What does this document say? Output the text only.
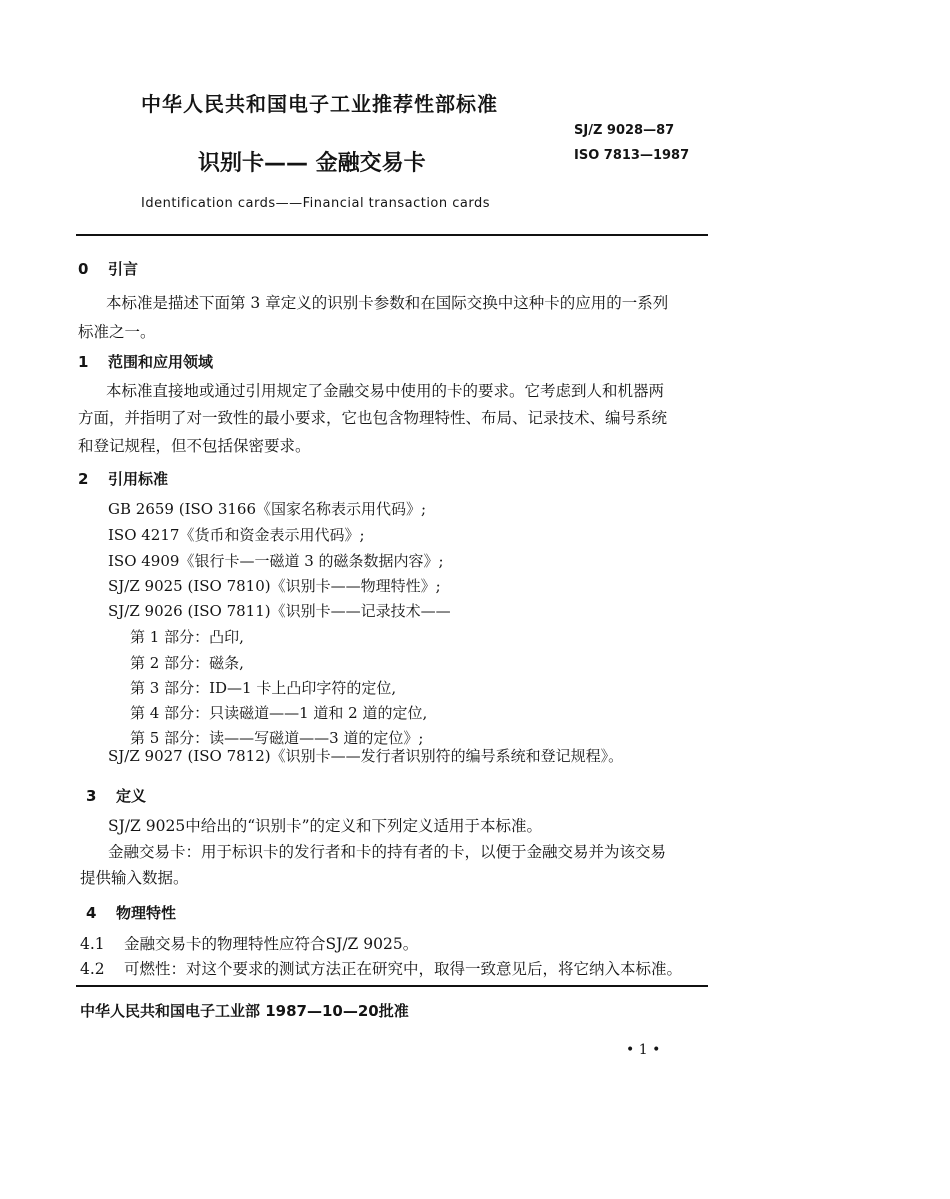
中华人民共和国电子工业推荐性部标准
识别卡—— 金融交易卡
SJ/Z 9028—87
ISO 7813—1987
Identification cards——Financial transaction cards
0 引言
本标准是描述下面第 3 章定义的识别卡参数和在国际交换中这种卡的应用的一系列
标准之一。
1 范围和应用领域
本标准直接地或通过引用规定了金融交易中使用的卡的要求。它考虑到人和机器两
方面，并指明了对一致性的最小要求，它也包含物理特性、布局、记录技术、编号系统
和登记规程，但不包括保密要求。
2 引用标准
GB 2659 (ISO 3166《国家名称表示用代码》;
ISO 4217《货币和资金表示用代码》;
ISO 4909《银行卡—一磁道 3 的磁条数据内容》;
SJ/Z 9025 (ISO 7810)《识别卡——物理特性》;
SJ/Z 9026 (ISO 7811)《识别卡——记录技术——
第 1 部分：凸印,
第 2 部分：磁条,
第 3 部分：ID—1 卡上凸印字符的定位,
第 4 部分：只读磁道——1 道和 2 道的定位,
第 5 部分：读——写磁道——3 道的定位》;
SJ/Z 9027 (ISO 7812)《识别卡——发行者识别符的编号系统和登记规程》。
3 定义
SJ/Z 9025中给出的“识别卡”的定义和下列定义适用于本标准。
金融交易卡：用于标识卡的发行者和卡的持有者的卡，以便于金融交易并为该交易
提供输入数据。
4 物理特性
4.1 金融交易卡的物理特性应符合SJ/Z 9025。
4.2 可燃性：对这个要求的测试方法正在研究中，取得一致意见后，将它纳入本标准。
中华人民共和国电子工业部 1987—10—20批准
• 1 •
